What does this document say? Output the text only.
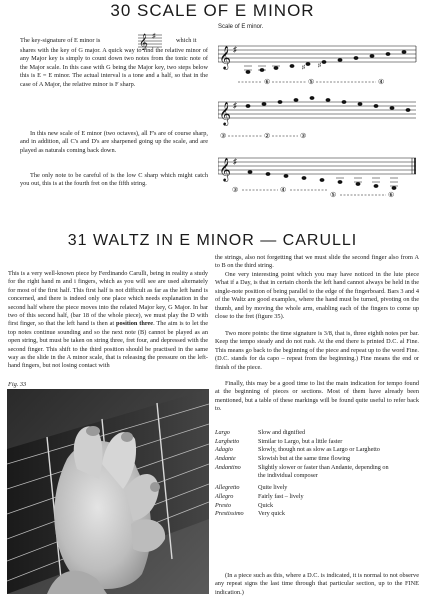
30 SCALE OF E MINOR

The key-signature of E minor is	𝄞 ♯

which it

shares with the key of G major. A quick way to find the relative minor of any Major key is simply to count down two notes from the tonic note of the Major scale. In this case with G being the Major key, two steps below this is E = E minor. The actual interval is a tone and a half, so that in the case of A Major, the relative minor is F sharp.

In this new scale of E minor (two octaves), all F's are of course sharp, and in addition, all C's and D's are sharpened going up the scale, and are played as naturals coming back down.

The only note to be careful of is the low C sharp which might catch you out, this is at the fourth fret on the fifth string.

Scale of E minor.
𝄞 ♯
♯ ♯
⑥	⑤	④
𝄞 ♯
③	②	③
𝄞 ♯
③	④
⑤	⑥
31 WALTZ IN E MINOR — CARULLI
This is a very well-known piece by Ferdinando Carulli, being in reality a study for the right hand m and i fingers, which as you will see are used alternately for most of the first half. This first half is not difficult as far as the left hand is concerned, and there is indeed only one place which needs explanation in the second half where the piece moves into the related Major key, G Major. In bar two of this second half, (bar 18 of the whole piece), we must play the D with first finger, so that the left hand is then at position three. The aim is to let the top notes continue sounding and so the next note (B) cannot be played as an open string, but must be taken on string three, fret four, and depressed with the second finger. This shift to the third position should be practised in the same way as the slide in the A minor scale, that is releasing the pressure on the left-hand fingers, but not losing contact with
Fig. 33

the strings, also not forgetting that we must slide the second finger also from A to B on the third string.

One very interesting point which you may have noticed in the lute piece What if a Day, is that in certain chords the left hand cannot always be held in the single-note position of being parallel to the edge of the fingerboard. Bars 3 and 4 of the Waltz are good examples, where the hand must be turned, pivoting on the thumb, and by moving the whole arm, enabling each of the fingers to come up close to the fret (figure 35).

Two more points: the time signature is 3/8, that is, three eighth notes per bar. Keep the tempo steady and do not rush. At the end there is printed D.C. al Fine. This means go back to the beginning of the piece and repeat up to the word Fine. (D.C. stands for da capo – repeat from the beginning.) Fine means the end or finish of the piece.

Finally, this may be a good time to list the main indication for tempo found at the beginning of pieces or sections. Most of them have already been mentioned, but a table of these markings will be found quite useful to refer back to.

Largo	Slow and dignified
Larghetto	Similar to Largo, but a little faster
Adagio	Slowly, though not as slow as Largo or Larghetto
Andante	Slowish but at the same time flowing
Andantino	Slightly slower or faster than Andante, depending on
the individual composer
Allegretto	Quite lively
Allegro	Fairly fast – lively
Presto	Quick
Prestissimo Very quick

(In a piece such as this, where a D.C. is indicated, it is normal to not observe any repeat signs the last time through that particular section, up to the FINE indication.)
